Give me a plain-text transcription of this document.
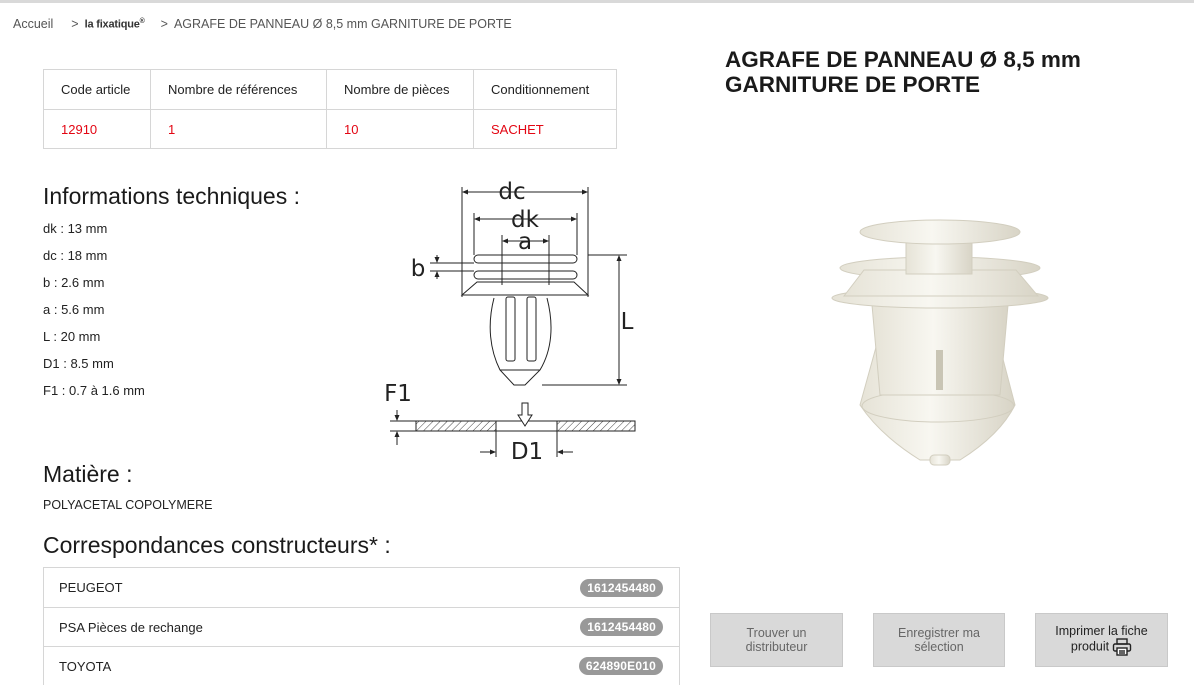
Accueil > la fixatique® > AGRAFE DE PANNEAU Ø 8,5 mm GARNITURE DE PORTE
AGRAFE DE PANNEAU Ø 8,5 mm
GARNITURE DE PORTE
Code article	Nombre de références	Nombre de pièces	Conditionnement
12910	1	10	SACHET
Informations techniques :
dk : 13 mm
dc : 18 mm
b : 2.6 mm
a : 5.6 mm
L : 20 mm
D1 : 8.5 mm
F1 : 0.7 à 1.6 mm
dc
dk
a
b
L
F1
D1
Matière :
POLYACETAL COPOLYMERE
Correspondances constructeurs* :
PEUGEOT	1612454480
PSA Pièces de rechange	1612454480
TOYOTA	624890E010
Trouver un distributeur
Enregistrer ma sélection
Imprimer la fiche produit
